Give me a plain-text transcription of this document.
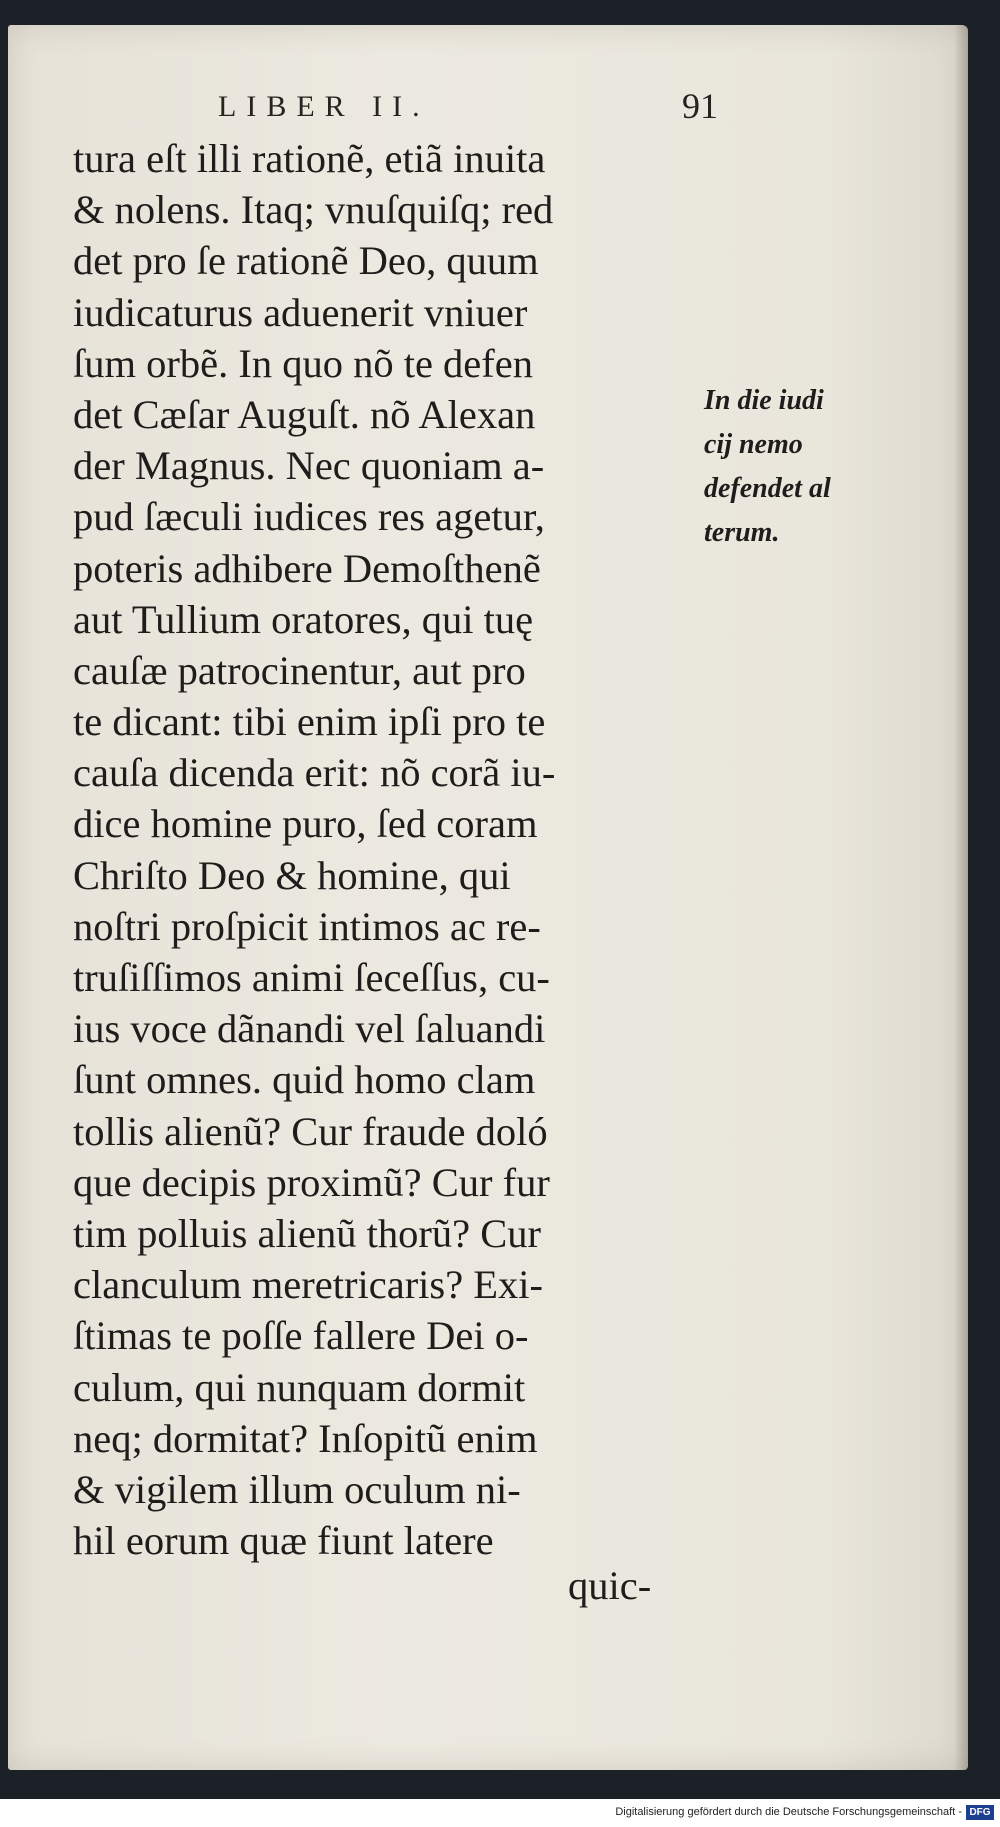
LIBER II.	91
tura eſt illi rationẽ, etiã inuita
& nolens. Itaq; vnuſquiſq; red
det pro ſe rationẽ Deo, quum
iudicaturus aduenerit vniuer
ſum orbẽ. In quo nõ te defen
det Cæſar Auguſt. nõ Alexan
der Magnus. Nec quoniam a-
pud ſæculi iudices res agetur,
poteris adhibere Demoſthenẽ
aut Tullium oratores, qui tuę
cauſæ patrocinentur, aut pro
te dicant: tibi enim ipſi pro te
cauſa dicenda erit: nõ corã iu-
dice homine puro, ſed coram
Chriſto Deo & homine, qui
noſtri proſpicit intimos ac re-
truſiſſimos animi ſeceſſus, cu-
ius voce dãnandi vel ſaluandi
ſunt omnes. quid homo clam
tollis alienũ? Cur fraude doló
que decipis proximũ? Cur fur
tim polluis alienũ thorũ? Cur
clanculum meretricaris? Exi-
ſtimas te poſſe fallere Dei o-
culum, qui nunquam dormit
neq; dormitat? Inſopitũ enim
& vigilem illum oculum ni-
hil eorum quæ fiunt latere
quic-
In die iudi
cij nemo
defendet al
terum.
Digitalisierung gefördert durch die Deutsche Forschungsgemeinschaft - DFG
